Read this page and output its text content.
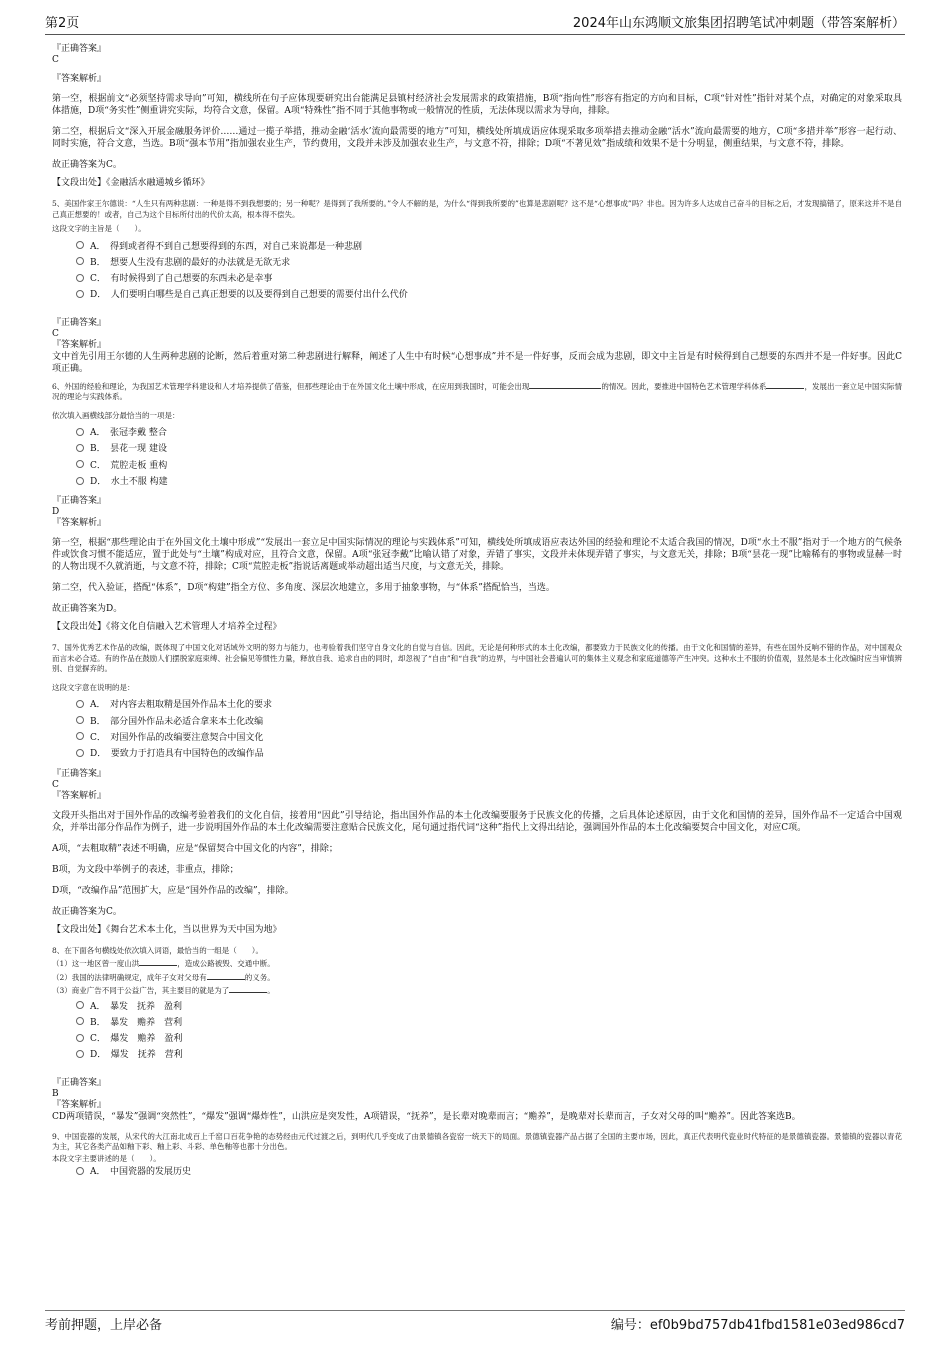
第2页	2024年山东鸿顺文旅集团招聘笔试冲刺题（带答案解析）

『正确答案』

C

『答案解析』

第一空，根据前文“必须坚持需求导向”可知，横线所在句子应体现要研究出台能满足县镇村经济社会发展需求的政策措施，B项“指向性”形容有指定的方向和目标，C项“针对性”指针对某个点，对确定的对象采取具体措施，D项“务实性”侧重讲究实际，均符合文意，保留。A项“特殊性”指不同于其他事物或一般情况的性质，无法体现以需求为导向，排除。

第二空，根据后文“深入开展金融服务评价……通过一揽子举措，推动金融‘活水’流向最需要的地方”可知，横线处所填成语应体现采取多项举措去推动金融“活水”流向最需要的地方，C项“多措并举”形容一起行动、同时实施，符合文意，当选。B项“强本节用”指加强农业生产，节约费用，文段并未涉及加强农业生产，与文意不符，排除；D项“不著见效”指成绩和效果不是十分明显，侧重结果，与文意不符，排除。

故正确答案为C。

【文段出处】《金融活水融通城乡循环》

5、美国作家王尔德说：“人生只有两种悲剧：一种是得不到我想要的；另一种呢？是得到了我所要的。”令人不解的是，为什么“得到我所要的”也算是悲剧呢？这不是“心想事成”吗？非也。因为许多人达成自己奋斗的目标之后，才发现搞错了，原来这并不是自己真正想要的！或者，自己为这个目标所付出的代价太高，根本得不偿失。

这段文字的主旨是（　　）。

A．　得到或者得不到自己想要得到的东西，对自己来说都是一种悲剧
B．　想要人生没有悲剧的最好的办法就是无欲无求
C．　有时候得到了自己想要的东西未必是幸事
D．　人们要明白哪些是自己真正想要的以及要得到自己想要的需要付出什么代价

『正确答案』

C

『答案解析』

文中首先引用王尔德的人生两种悲剧的论断，然后着重对第二种悲剧进行解释，阐述了人生中有时候“心想事成”并不是一件好事，反而会成为悲剧，即文中主旨是有时候得到自己想要的东西并不是一件好事。因此C项正确。

6、外国的经验和理论，为我国艺术管理学科建设和人才培养提供了借鉴，但那些理论由于在外国文化土壤中形成，在应用到我国时，可能会出现	的情况。因此，要推进中国特色艺术管理学科体系	，发展出一套立足中国实际情况的理论与实践体系。

依次填入画横线部分最恰当的一项是：

A．　张冠李戴 整合
B．　昙花一现 建设
C．　荒腔走板 重构
D．　水土不服 构建

『正确答案』

D

『答案解析』

第一空，根据“那些理论由于在外国文化土壤中形成”“发展出一套立足中国实际情况的理论与实践体系”可知，横线处所填成语应表达外国的经验和理论不太适合我国的情况，D项“水土不服”指对于一个地方的气候条件或饮食习惯不能适应，置于此处与“土壤”构成对应，且符合文意，保留。A项“张冠李戴”比喻认错了对象，弄错了事实，文段并未体现弄错了事实，与文意无关，排除；B项“昙花一现”比喻稀有的事物或显赫一时的人物出现不久就消逝，与文意不符，排除；C项“荒腔走板”指说话离题或举动超出适当尺度，与文意无关，排除。

第二空，代入验证，搭配“体系”，D项“构建”指全方位、多角度、深层次地建立，多用于抽象事物，与“体系”搭配恰当，当选。

故正确答案为D。

【文段出处】《将文化自信融入艺术管理人才培养全过程》

7、国外优秀艺术作品的改编，既体现了中国文化对话域外文明的努力与能力，也考验着我们坚守自身文化的自觉与自信。因此，无论是何种形式的本土化改编，都要致力于民族文化的传播。由于文化和国情的差异，有些在国外反响不错的作品，对中国观众而言未必合适。有的作品在鼓励人们摆脱家庭束缚、社会偏见等惯性力量，释放自我、追求自由的同时，却忽视了“自由”和“自我”的边界，与中国社会普遍认可的集体主义观念和家庭道德等产生冲突。这种水土不服的价值观，显然是本土化改编时应当审慎辨别、自觉摒弃的。

这段文字意在说明的是：

A．　对内容去粗取精是国外作品本土化的要求
B．　部分国外作品未必适合拿来本土化改编
C．　对国外作品的改编要注意契合中国文化
D．　要致力于打造具有中国特色的改编作品

『正确答案』

C

『答案解析』

文段开头指出对于国外作品的改编考验着我们的文化自信，接着用“因此”引导结论，指出国外作品的本土化改编要服务于民族文化的传播，之后具体论述原因，由于文化和国情的差异，国外作品不一定适合中国观众，并举出部分作品作为例子，进一步说明国外作品的本土化改编需要注意贴合民族文化，尾句通过指代词“这种”指代上文得出结论，强调国外作品的本土化改编要契合中国文化，对应C项。

A项，“去粗取精”表述不明确，应是“保留契合中国文化的内容”，排除；

B项，为文段中举例子的表述，非重点，排除；

D项，“改编作品”范围扩大，应是“国外作品的改编”，排除。

故正确答案为C。

【文段出处】《舞台艺术本土化，当以世界为天中国为地》

8、在下面各句横线处依次填入词语，最恰当的一组是（　　）。

（1）这一地区曾一度山洪	，造成公路被毁、交通中断。

（2）我国的法律明确规定，成年子女对父母有	的义务。

（3）商业广告不同于公益广告，其主要目的就是为了	。

A．　暴发　抚养　盈利
B．　暴发　赡养　营利
C．　爆发　赡养　盈利
D．　爆发　抚养　营利

『正确答案』

B

『答案解析』

CD两项错误，“暴发”强调“突然性”，“爆发”强调“爆炸性”，山洪应是突发性，A项错误，“抚养”，是长辈对晚辈而言；“赡养”，是晚辈对长辈而言，子女对父母的叫“赡养”。因此答案选B。

9、中国瓷器的发展，从宋代的大江南北成百上千窑口百花争艳的态势经由元代过渡之后，到明代几乎变成了由景德镇各瓷窑一统天下的局面。景德镇瓷器产品占据了全国的主要市场，因此，真正代表明代瓷业时代特征的是景德镇瓷器。景德镇的瓷器以青花为主，其它各类产品如釉下彩、釉上彩、斗彩、单色釉等也都十分出色。

本段文字主要讲述的是（　　）。

A．　中国瓷器的发展历史
考前押题，上岸必备	编号：ef0b9bd757db41fbd1581e03ed986cd7
